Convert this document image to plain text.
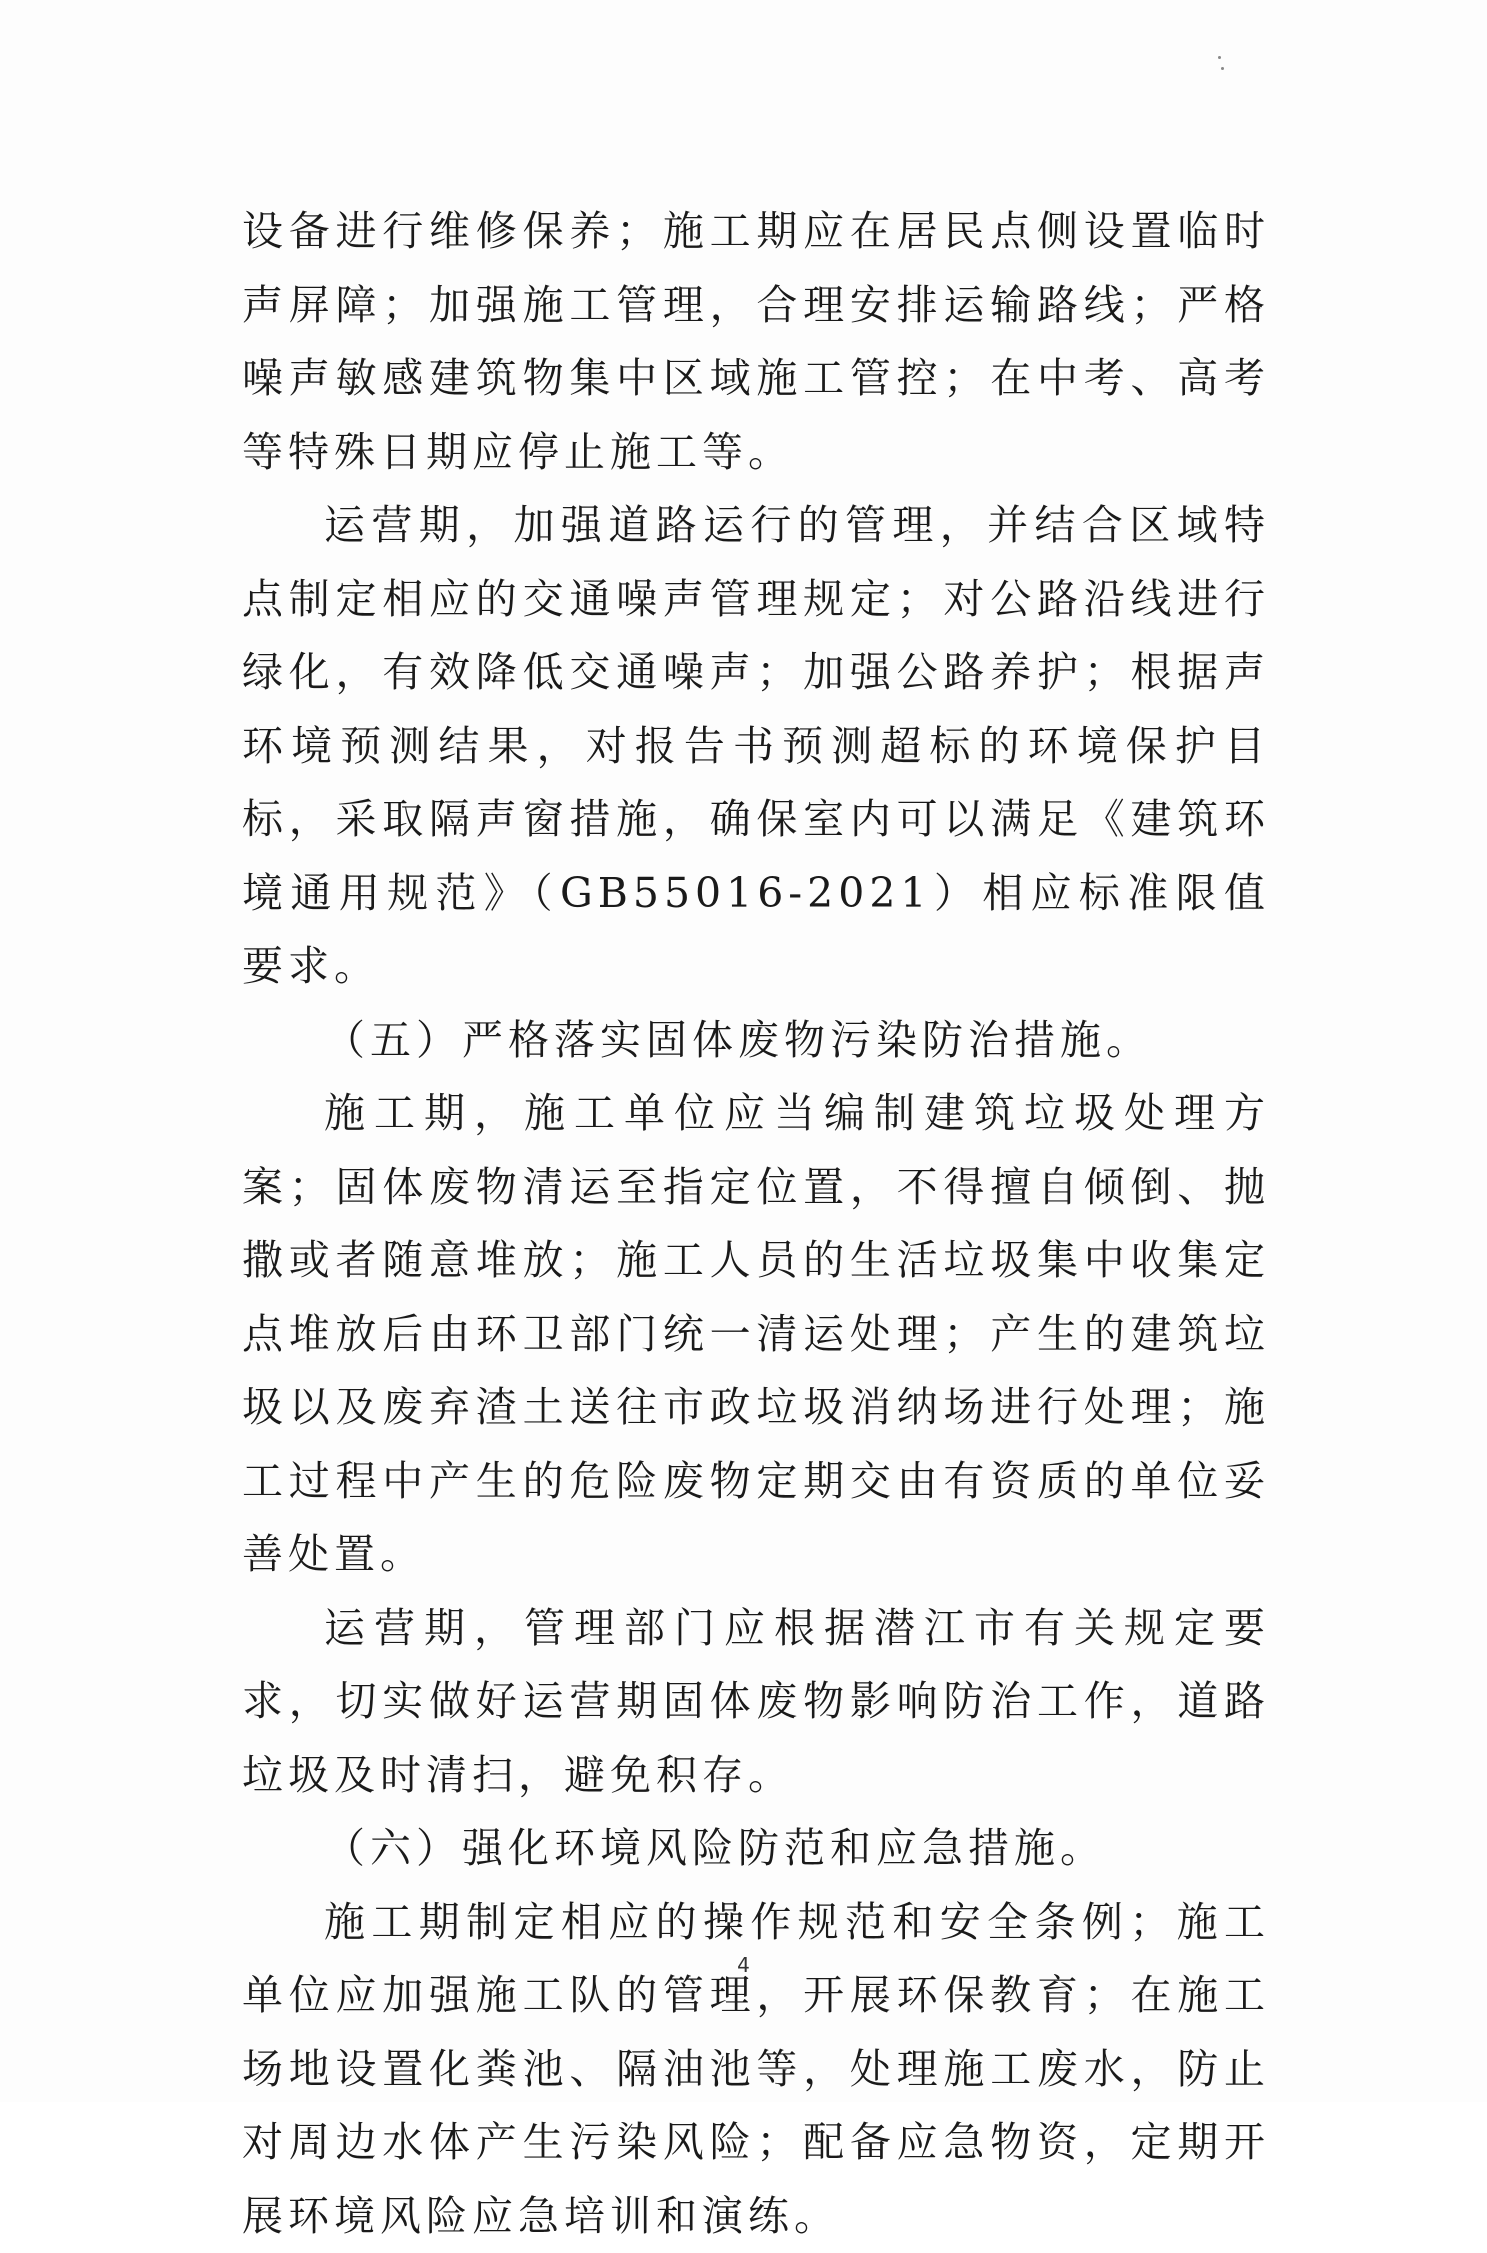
设备进行维修保养；施工期应在居民点侧设置临时声屏障；加强施工管理，合理安排运输路线；严格噪声敏感建筑物集中区域施工管控；在中考、高考等特殊日期应停止施工等。

运营期，加强道路运行的管理，并结合区域特点制定相应的交通噪声管理规定；对公路沿线进行绿化，有效降低交通噪声；加强公路养护；根据声环境预测结果，对报告书预测超标的环境保护目标，采取隔声窗措施，确保室内可以满足《建筑环境通用规范》（GB55016-2021）相应标准限值要求。

（五）严格落实固体废物污染防治措施。

施工期，施工单位应当编制建筑垃圾处理方案；固体废物清运至指定位置，不得擅自倾倒、抛撒或者随意堆放；施工人员的生活垃圾集中收集定点堆放后由环卫部门统一清运处理；产生的建筑垃圾以及废弃渣土送往市政垃圾消纳场进行处理；施工过程中产生的危险废物定期交由有资质的单位妥善处置。

运营期，管理部门应根据潜江市有关规定要求，切实做好运营期固体废物影响防治工作，道路垃圾及时清扫，避免积存。

（六）强化环境风险防范和应急措施。

施工期制定相应的操作规范和安全条例；施工单位应加强施工队的管理，开展环保教育；在施工场地设置化粪池、隔油池等，处理施工废水，防止对周边水体产生污染风险；配备应急物资，定期开展环境风险应急培训和演练。

4
